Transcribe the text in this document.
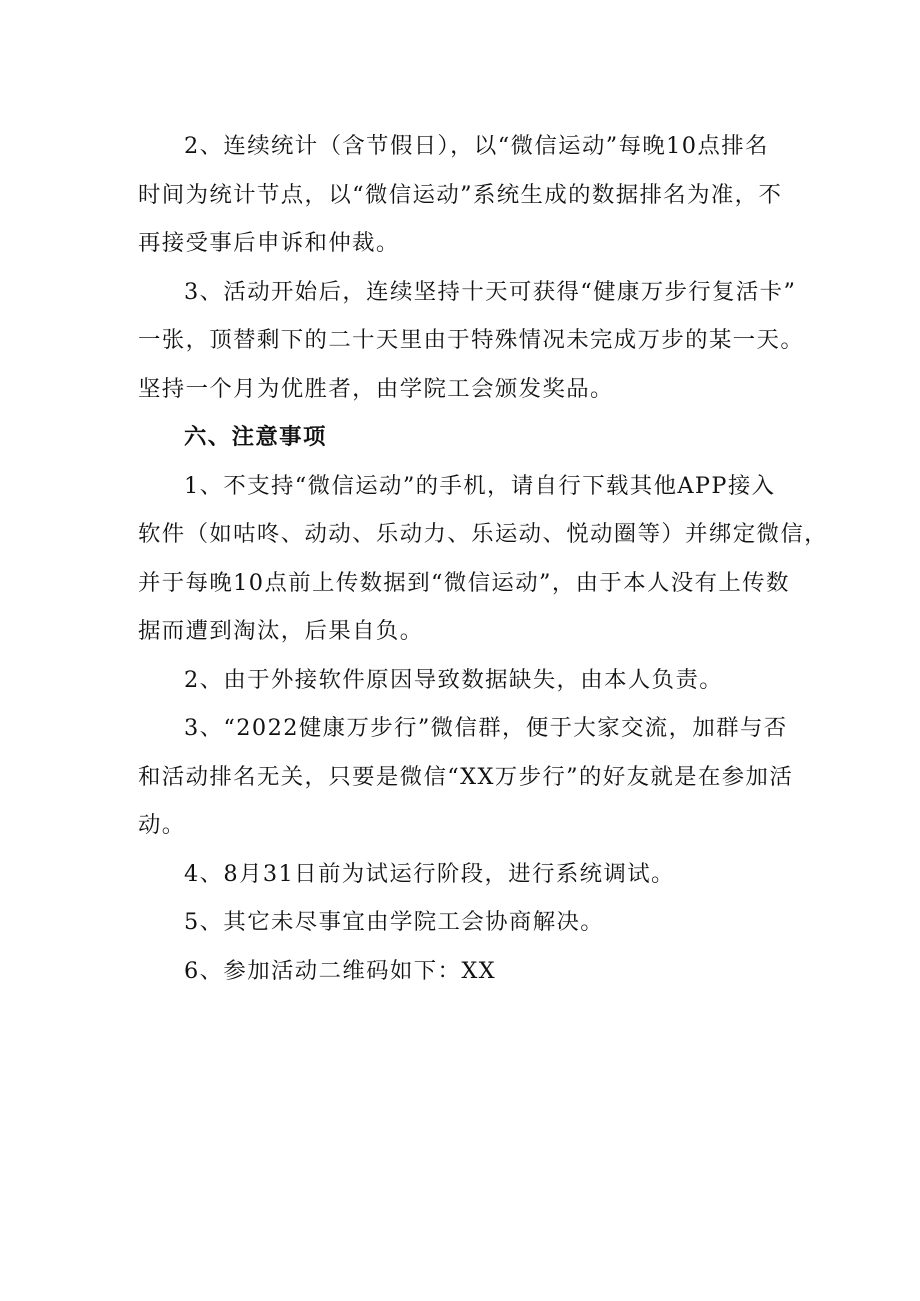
2、连续统计（含节假日），以“微信运动”每晚10点排名
时间为统计节点，以“微信运动”系统生成的数据排名为准，不
再接受事后申诉和仲裁。

3、活动开始后，连续坚持十天可获得“健康万步行复活卡”
一张，顶替剩下的二十天里由于特殊情况未完成万步的某一天。
坚持一个月为优胜者，由学院工会颁发奖品。

六、注意事项

1、不支持“微信运动”的手机，请自行下载其他APP接入
软件（如咕咚、动动、乐动力、乐运动、悦动圈等）并绑定微信，
并于每晚10点前上传数据到“微信运动”，由于本人没有上传数
据而遭到淘汰，后果自负。

2、由于外接软件原因导致数据缺失，由本人负责。

3、“2022健康万步行”微信群，便于大家交流，加群与否
和活动排名无关，只要是微信“XX万步行”的好友就是在参加活
动。

4、8月31日前为试运行阶段，进行系统调试。

5、其它未尽事宜由学院工会协商解决。

6、参加活动二维码如下：XX
